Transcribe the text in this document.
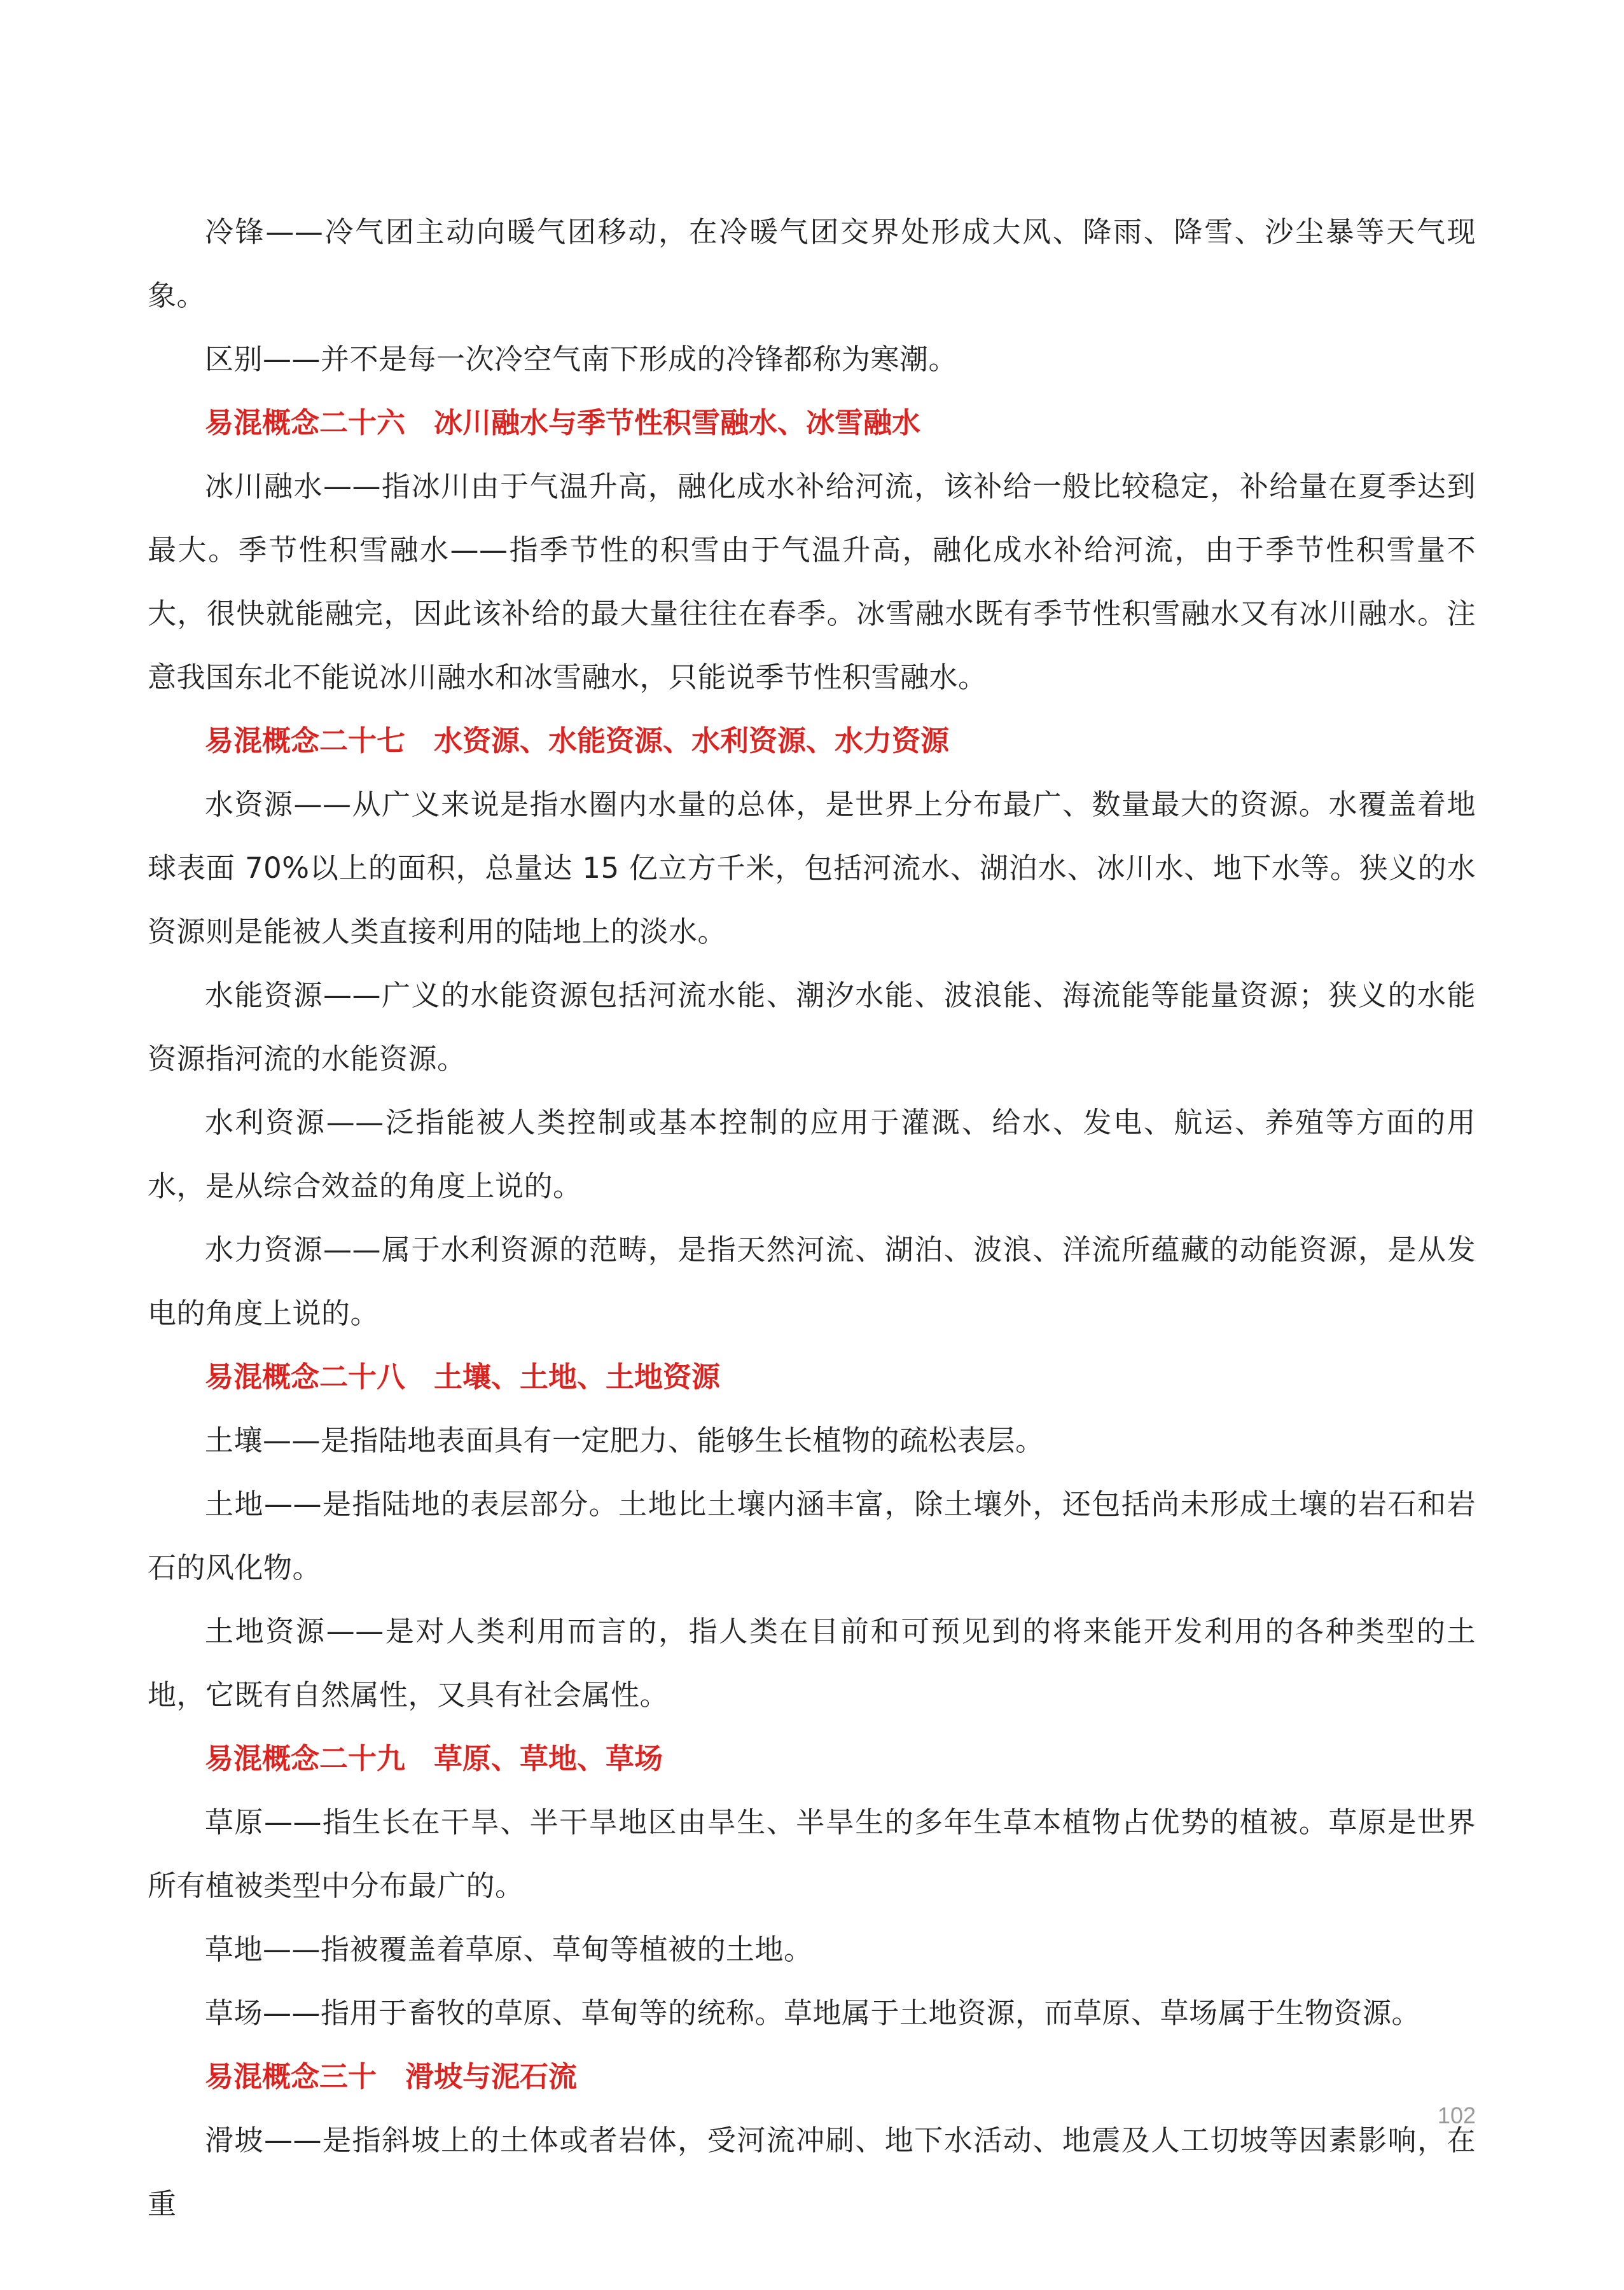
冷锋——冷气团主动向暖气团移动，在冷暖气团交界处形成大风、降雨、降雪、沙尘暴等天气现象。

区别——并不是每一次冷空气南下形成的冷锋都称为寒潮。

易混概念二十六　冰川融水与季节性积雪融水、冰雪融水

冰川融水——指冰川由于气温升高，融化成水补给河流，该补给一般比较稳定，补给量在夏季达到最大。季节性积雪融水——指季节性的积雪由于气温升高，融化成水补给河流，由于季节性积雪量不大，很快就能融完，因此该补给的最大量往往在春季。冰雪融水既有季节性积雪融水又有冰川融水。注意我国东北不能说冰川融水和冰雪融水，只能说季节性积雪融水。

易混概念二十七　水资源、水能资源、水利资源、水力资源

水资源——从广义来说是指水圈内水量的总体，是世界上分布最广、数量最大的资源。水覆盖着地球表面 70%以上的面积，总量达 15 亿立方千米，包括河流水、湖泊水、冰川水、地下水等。狭义的水资源则是能被人类直接利用的陆地上的淡水。

水能资源——广义的水能资源包括河流水能、潮汐水能、波浪能、海流能等能量资源；狭义的水能资源指河流的水能资源。

水利资源——泛指能被人类控制或基本控制的应用于灌溉、给水、发电、航运、养殖等方面的用水，是从综合效益的角度上说的。

水力资源——属于水利资源的范畴，是指天然河流、湖泊、波浪、洋流所蕴藏的动能资源，是从发电的角度上说的。

易混概念二十八　土壤、土地、土地资源

土壤——是指陆地表面具有一定肥力、能够生长植物的疏松表层。

土地——是指陆地的表层部分。土地比土壤内涵丰富，除土壤外，还包括尚未形成土壤的岩石和岩石的风化物。

土地资源——是对人类利用而言的，指人类在目前和可预见到的将来能开发利用的各种类型的土地，它既有自然属性，又具有社会属性。

易混概念二十九　草原、草地、草场

草原——指生长在干旱、半干旱地区由旱生、半旱生的多年生草本植物占优势的植被。草原是世界所有植被类型中分布最广的。

草地——指被覆盖着草原、草甸等植被的土地。

草场——指用于畜牧的草原、草甸等的统称。草地属于土地资源，而草原、草场属于生物资源。

易混概念三十　滑坡与泥石流

滑坡——是指斜坡上的土体或者岩体，受河流冲刷、地下水活动、地震及人工切坡等因素影响，在重

102
